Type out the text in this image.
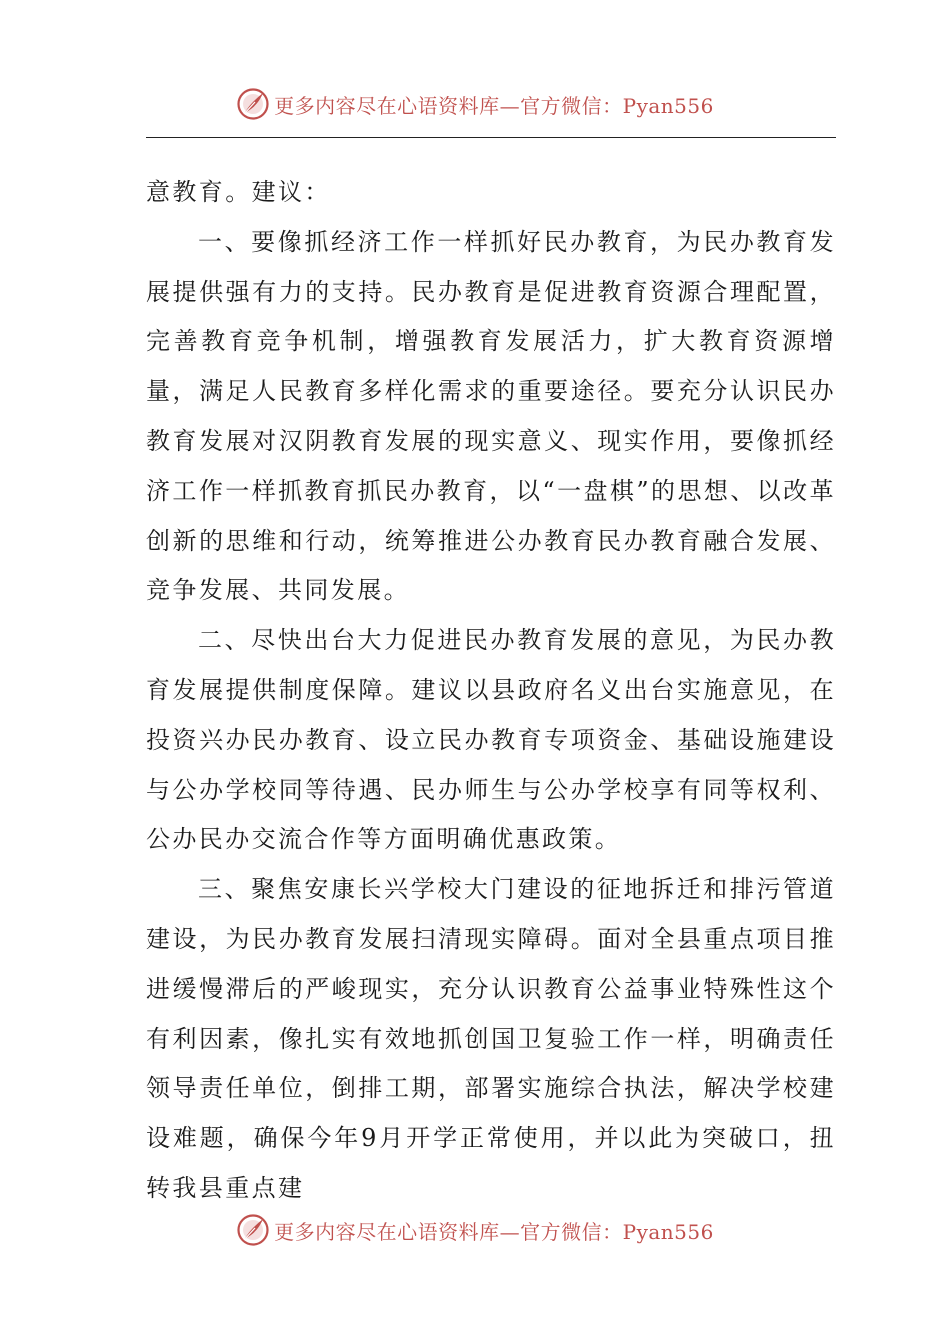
更多内容尽在心语资料库—官方微信：Pyan556

意教育。建议：

一、要像抓经济工作一样抓好民办教育，为民办教育发展提供强有力的支持。民办教育是促进教育资源合理配置，完善教育竞争机制，增强教育发展活力，扩大教育资源增量，满足人民教育多样化需求的重要途径。要充分认识民办教育发展对汉阴教育发展的现实意义、现实作用，要像抓经济工作一样抓教育抓民办教育，以“一盘棋”的思想、以改革创新的思维和行动，统筹推进公办教育民办教育融合发展、竞争发展、共同发展。

二、尽快出台大力促进民办教育发展的意见，为民办教育发展提供制度保障。建议以县政府名义出台实施意见，在投资兴办民办教育、设立民办教育专项资金、基础设施建设与公办学校同等待遇、民办师生与公办学校享有同等权利、公办民办交流合作等方面明确优惠政策。

三、聚焦安康长兴学校大门建设的征地拆迁和排污管道建设，为民办教育发展扫清现实障碍。面对全县重点项目推进缓慢滞后的严峻现实，充分认识教育公益事业特殊性这个有利因素，像扎实有效地抓创国卫复验工作一样，明确责任领导责任单位，倒排工期，部署实施综合执法，解决学校建设难题，确保今年9月开学正常使用，并以此为突破口，扭转我县重点建

更多内容尽在心语资料库—官方微信：Pyan556
